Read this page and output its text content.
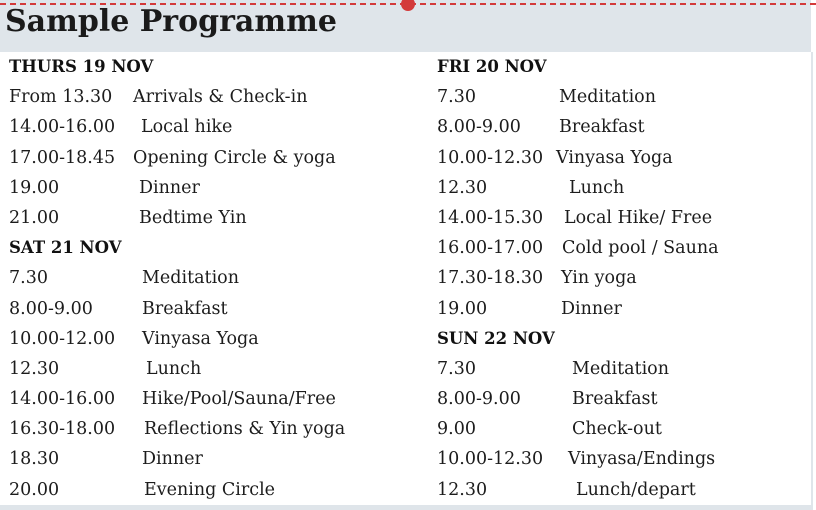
Sample Programme
THURS 19 NOV
From 13.30 Arrivals & Check-in
14.00-16.00 Local hike
17.00-18.45 Opening Circle & yoga
19.00	Dinner
21.00	Bedtime Yin
SAT 21 NOV
7.30	Meditation
8.00-9.00	Breakfast
10.00-12.00 Vinyasa Yoga
12.30	Lunch
14.00-16.00 Hike/Pool/Sauna/Free
16.30-18.00 Reflections & Yin yoga
18.30	Dinner
20.00	Evening Circle
FRI 20 NOV
7.30	Meditation
8.00-9.00 Breakfast
10.00-12.30 Vinyasa Yoga
12.30	Lunch
14.00-15.30 Local Hike/ Free
16.00-17.00 Cold pool / Sauna
17.30-18.30 Yin yoga
19.00	Dinner
SUN 22 NOV
7.30	Meditation
8.00-9.00	Breakfast
9.00	Check-out
10.00-12.30 Vinyasa/Endings
12.30	Lunch/depart
